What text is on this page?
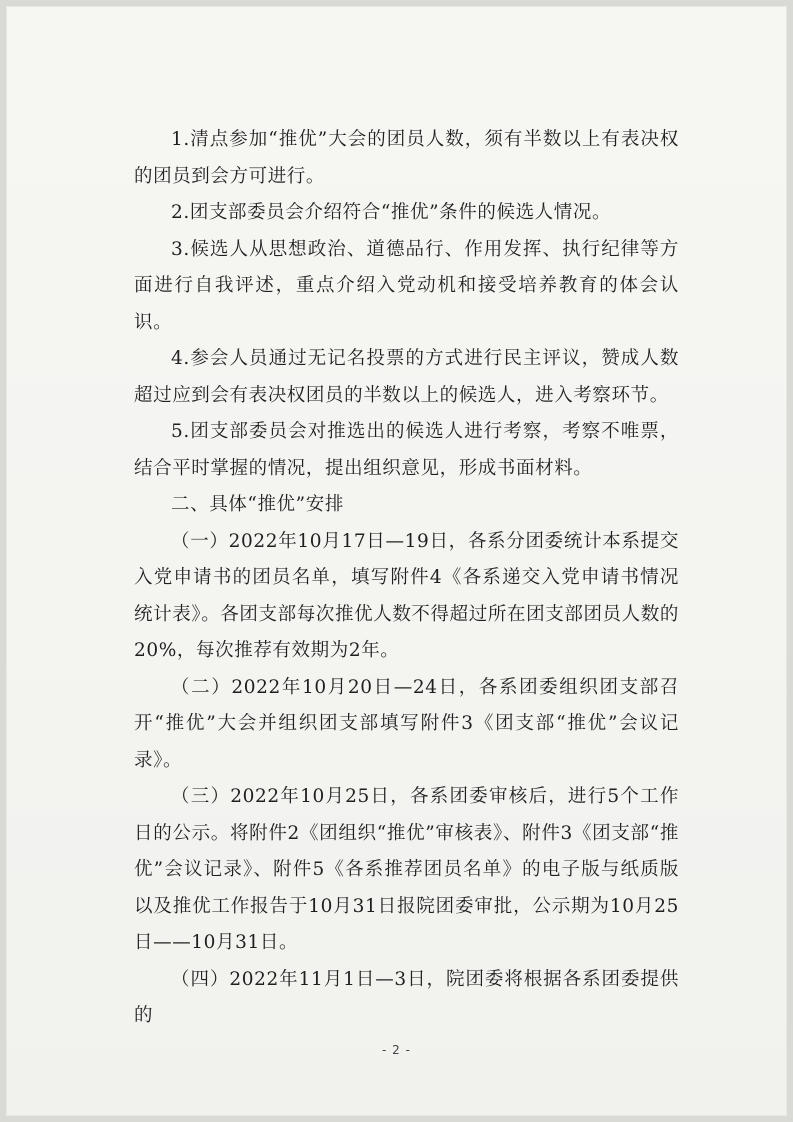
1.清点参加“推优”大会的团员人数，须有半数以上有表决权的团员到会方可进行。

2.团支部委员会介绍符合“推优”条件的候选人情况。

3.候选人从思想政治、道德品行、作用发挥、执行纪律等方面进行自我评述，重点介绍入党动机和接受培养教育的体会认识。

4.参会人员通过无记名投票的方式进行民主评议，赞成人数超过应到会有表决权团员的半数以上的候选人，进入考察环节。

5.团支部委员会对推选出的候选人进行考察，考察不唯票，结合平时掌握的情况，提出组织意见，形成书面材料。

二、具体“推优”安排

（一）2022年10月17日—19日，各系分团委统计本系提交入党申请书的团员名单，填写附件4《各系递交入党申请书情况统计表》。各团支部每次推优人数不得超过所在团支部团员人数的20%，每次推荐有效期为2年。

（二）2022年10月20日—24日，各系团委组织团支部召开“推优”大会并组织团支部填写附件3《团支部“推优”会议记录》。

（三）2022年10月25日，各系团委审核后，进行5个工作日的公示。将附件2《团组织“推优”审核表》、附件3《团支部“推优”会议记录》、附件5《各系推荐团员名单》的电子版与纸质版以及推优工作报告于10月31日报院团委审批，公示期为10月25日——10月31日。

（四）2022年11月1日—3日，院团委将根据各系团委提供的

- 2 -
